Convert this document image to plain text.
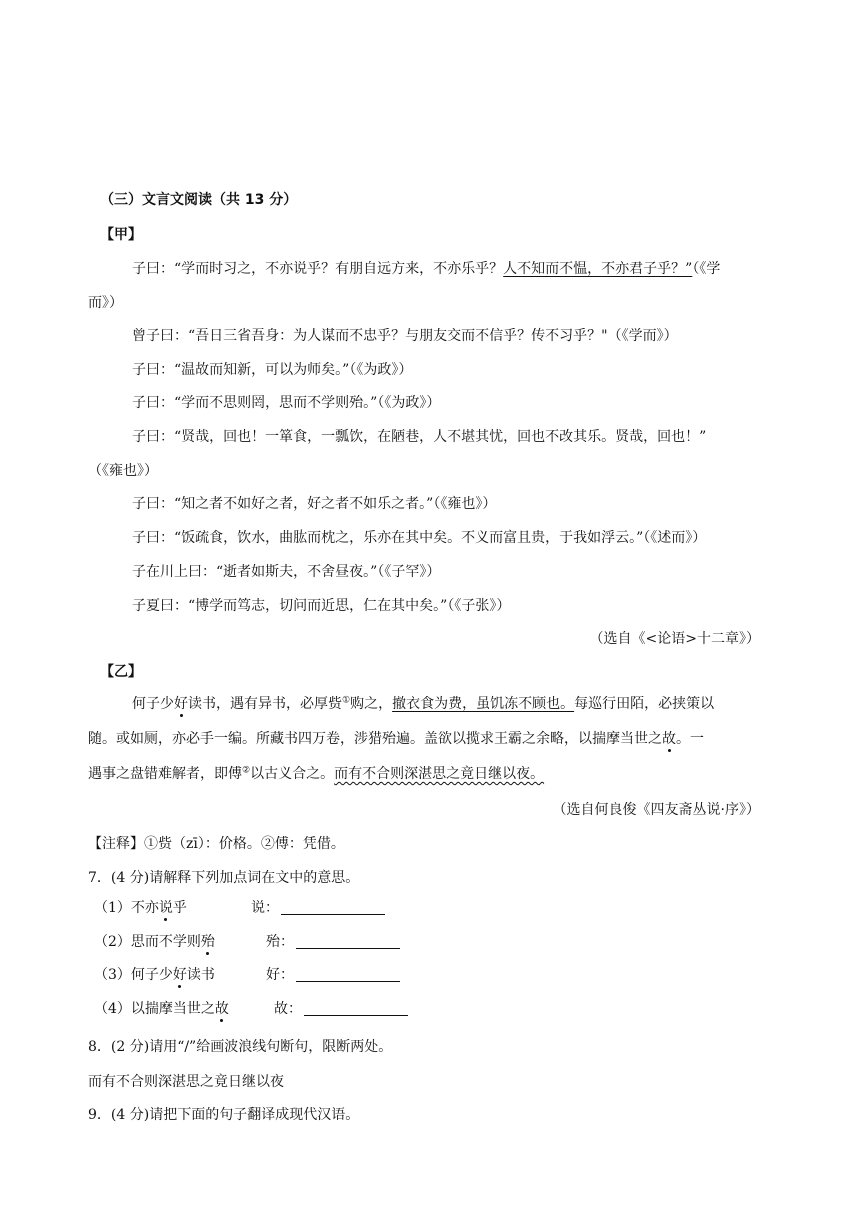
（三）文言文阅读（共 13 分）
【甲】
子曰：“学而时习之，不亦说乎？有朋自远方来，不亦乐乎？人不知而不愠，不亦君子乎？”（《学
而》）
曾子曰：“吾日三省吾身：为人谋而不忠乎？与朋友交而不信乎？传不习乎？"（《学而》）
子曰：“温故而知新，可以为师矣。”（《为政》）
子曰：“学而不思则罔，思而不学则殆。”（《为政》）
子曰：“贤哉，回也！一箪食，一瓢饮，在陋巷，人不堪其忧，回也不改其乐。贤哉，回也！”
（《雍也》）
子曰：“知之者不如好之者，好之者不如乐之者。”（《雍也》）
子曰：“饭疏食，饮水，曲肱而枕之，乐亦在其中矣。不义而富且贵，于我如浮云。”（《述而》）
子在川上曰：“逝者如斯夫，不舍昼夜。”（《子罕》）
子夏曰：“博学而笃志，切问而近思，仁在其中矣。”（《子张》）
（选自《<论语>十二章》）
【乙】
何子少好读书，遇有异书，必厚赀①购之，撤衣食为费，虽饥冻不顾也。每巡行田陌，必挟策以
随。或如厕，亦必手一编。所藏书四万卷，涉猎殆遍。盖欲以揽求王霸之余略，以揣摩当世之故。一
遇事之盘错难解者，即傅②以古义合之。而有不合则深湛思之竟日继以夜。
（选自何良俊《四友斋丛说·序》）
【注释】①赀（zī）：价格。②傅：凭借。
7．(4 分)请解释下列加点词在文中的意思。
（1）不亦说乎	说：
（2）思而不学则殆	殆：
（3）何子少好读书	好：
（4）以揣摩当世之故	故：
8．(2 分)请用“/”给画波浪线句断句，限断两处。
而有不合则深湛思之竟日继以夜
9．(4 分)请把下面的句子翻译成现代汉语。
